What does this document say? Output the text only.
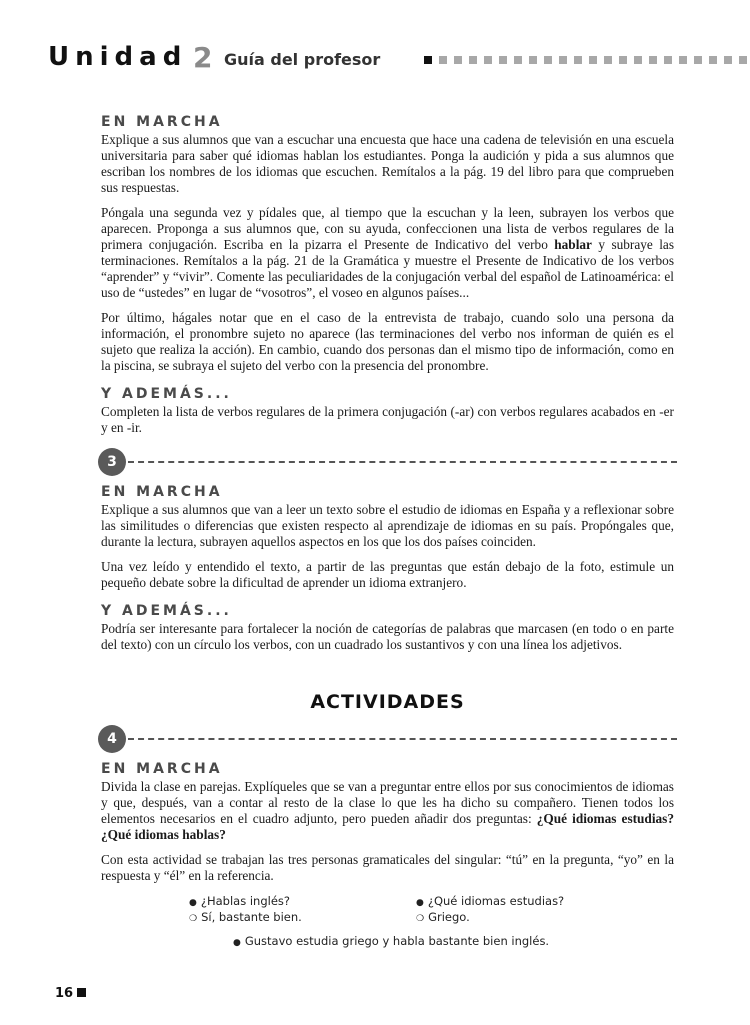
Unidad 2 Guía del profesor

EN MARCHA

Explique a sus alumnos que van a escuchar una encuesta que hace una cadena de televisión en una escuela universitaria para saber qué idiomas hablan los estudiantes. Ponga la audición y pida a sus alumnos que escriban los nombres de los idiomas que escuchen. Remítalos a la pág. 19 del libro para que comprueben sus respuestas.

Póngala una segunda vez y pídales que, al tiempo que la escuchan y la leen, subrayen los verbos que aparecen. Proponga a sus alumnos que, con su ayuda, confeccionen una lista de verbos regulares de la primera conjugación. Escriba en la pizarra el Presente de Indicativo del verbo hablar y subraye las terminaciones. Remítalos a la pág. 21 de la Gramática y muestre el Presente de Indicativo de los verbos “aprender” y “vivir”. Comente las peculiaridades de la conjugación verbal del español de Latinoamérica: el uso de “ustedes” en lugar de “vosotros”, el voseo en algunos países...

Por último, hágales notar que en el caso de la entrevista de trabajo, cuando solo una persona da información, el pronombre sujeto no aparece (las terminaciones del verbo nos informan de quién es el sujeto que realiza la acción). En cambio, cuando dos personas dan el mismo tipo de información, como en la piscina, se subraya el sujeto del verbo con la presencia del pronombre.

Y ADEMÁS...

Completen la lista de verbos regulares de la primera conjugación (-ar) con verbos regulares acabados en -er y en -ir.

3
EN MARCHA

Explique a sus alumnos que van a leer un texto sobre el estudio de idiomas en España y a reflexionar sobre las similitudes o diferencias que existen respecto al aprendizaje de idiomas en su país. Propóngales que, durante la lectura, subrayen aquellos aspectos en los que los dos países coinciden.

Una vez leído y entendido el texto, a partir de las preguntas que están debajo de la foto, estimule un pequeño debate sobre la dificultad de aprender un idioma extranjero.

Y ADEMÁS...

Podría ser interesante para fortalecer la noción de categorías de palabras que marcasen (en todo o en parte del texto) con un círculo los verbos, con un cuadrado los sustantivos y con una línea los adjetivos.

ACTIVIDADES
4
EN MARCHA

Divida la clase en parejas. Explíqueles que se van a preguntar entre ellos por sus conocimientos de idiomas y que, después, van a contar al resto de la clase lo que les ha dicho su compañero. Tienen todos los elementos necesarios en el cuadro adjunto, pero pueden añadir dos preguntas: ¿Qué idiomas estudias? ¿Qué idiomas hablas?

Con esta actividad se trabajan las tres personas gramaticales del singular: “tú” en la pregunta, “yo” en la respuesta y “él” en la referencia.

● ¿Hablas inglés?
❍ Sí, bastante bien.
● ¿Qué idiomas estudias?
❍ Griego.
● Gustavo estudia griego y habla bastante bien inglés.
16
